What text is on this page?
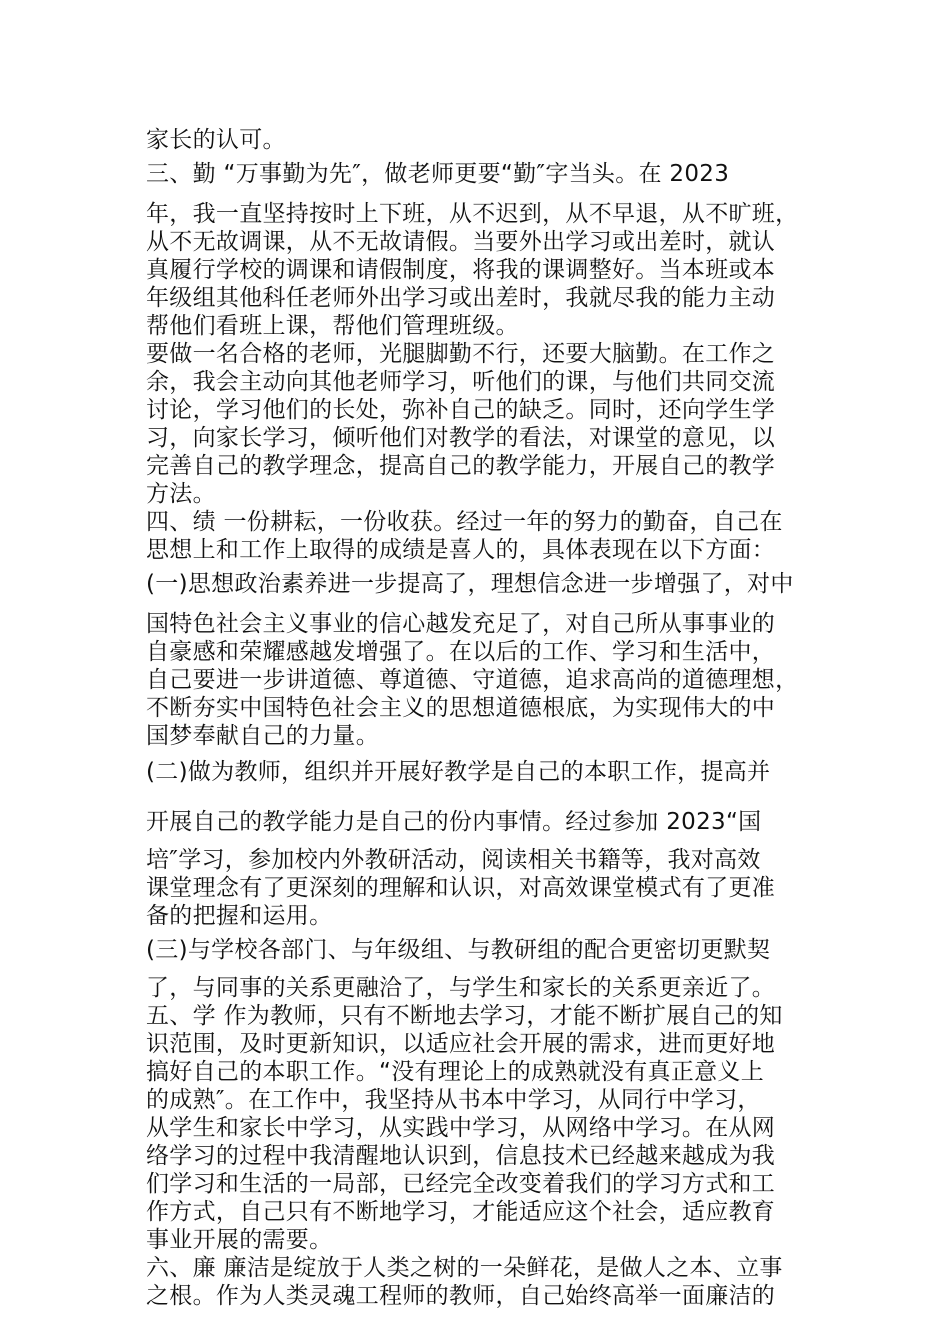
家长的认可。
三、勤 “万事勤为先″，做老师更要“勤″字当头。在 2023
年，我一直坚持按时上下班，从不迟到，从不早退，从不旷班，
从不无故调课，从不无故请假。当要外出学习或出差时，就认
真履行学校的调课和请假制度，将我的课调整好。当本班或本
年级组其他科任老师外出学习或出差时，我就尽我的能力主动
帮他们看班上课，帮他们管理班级。
要做一名合格的老师，光腿脚勤不行，还要大脑勤。在工作之
余，我会主动向其他老师学习，听他们的课，与他们共同交流
讨论，学习他们的长处，弥补自己的缺乏。同时，还向学生学
习，向家长学习，倾听他们对教学的看法，对课堂的意见，以
完善自己的教学理念，提高自己的教学能力，开展自己的教学
方法。
四、绩 一份耕耘，一份收获。经过一年的努力的勤奋，自己在
思想上和工作上取得的成绩是喜人的，具体表现在以下方面：
(一)思想政治素养进一步提高了，理想信念进一步增强了，对中
国特色社会主义事业的信心越发充足了，对自己所从事事业的
自豪感和荣耀感越发增强了。在以后的工作、学习和生活中，
自己要进一步讲道德、尊道德、守道德，追求高尚的道德理想，
不断夯实中国特色社会主义的思想道德根底，为实现伟大的中
国梦奉献自己的力量。
(二)做为教师，组织并开展好教学是自己的本职工作，提高并
开展自己的教学能力是自己的份内事情。经过参加 2023“国
培″学习，参加校内外教研活动，阅读相关书籍等，我对高效
课堂理念有了更深刻的理解和认识，对高效课堂模式有了更准
备的把握和运用。
(三)与学校各部门、与年级组、与教研组的配合更密切更默契
了，与同事的关系更融洽了，与学生和家长的关系更亲近了。
五、学 作为教师，只有不断地去学习，才能不断扩展自己的知
识范围，及时更新知识，以适应社会开展的需求，进而更好地
搞好自己的本职工作。“没有理论上的成熟就没有真正意义上
的成熟″。在工作中，我坚持从书本中学习，从同行中学习，
从学生和家长中学习，从实践中学习，从网络中学习。在从网
络学习的过程中我清醒地认识到，信息技术已经越来越成为我
们学习和生活的一局部，已经完全改变着我们的学习方式和工
作方式，自己只有不断地学习，才能适应这个社会，适应教育
事业开展的需要。
六、廉 廉洁是绽放于人类之树的一朵鲜花，是做人之本、立事
之根。作为人类灵魂工程师的教师，自己始终高举一面廉洁的
